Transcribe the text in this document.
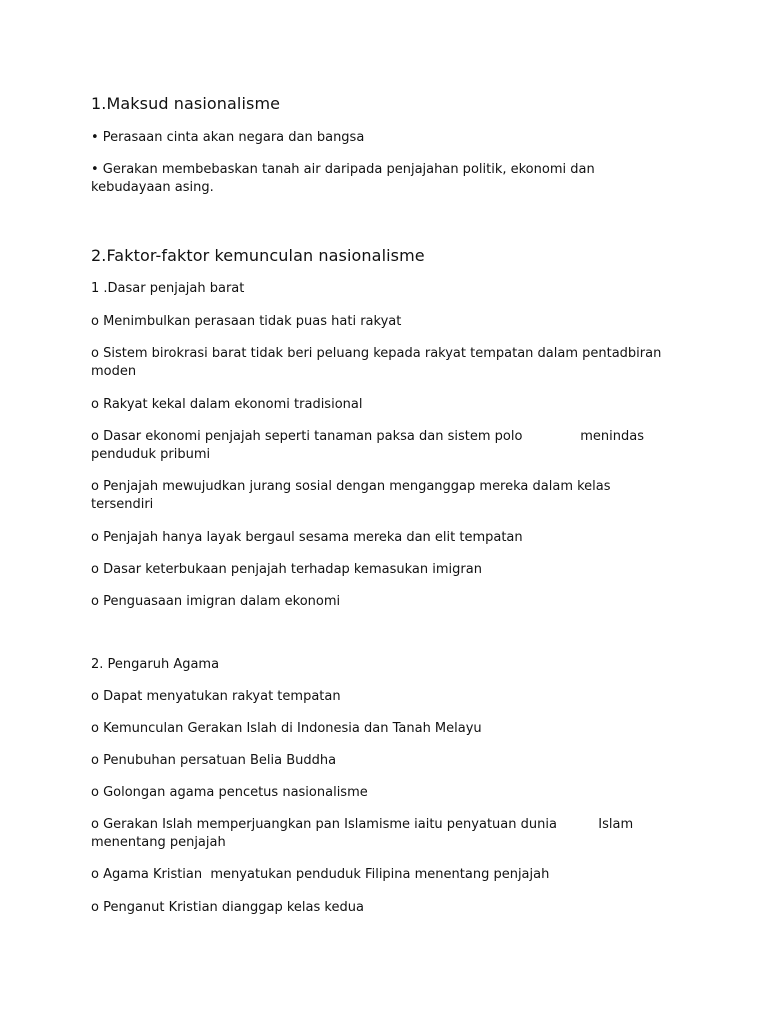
1.Maksud nasionalisme
• Perasaan cinta akan negara dan bangsa
• Gerakan membebaskan tanah air daripada penjajahan politik, ekonomi dan
kebudayaan asing.
2.Faktor-faktor kemunculan nasionalisme
1 .Dasar penjajah barat
o Menimbulkan perasaan tidak puas hati rakyat
o Sistem birokrasi barat tidak beri peluang kepada rakyat tempatan dalam pentadbiran
moden
o Rakyat kekal dalam ekonomi tradisional
o Dasar ekonomi penjajah seperti tanaman paksa dan sistem polo              menindas
penduduk pribumi
o Penjajah mewujudkan jurang sosial dengan menganggap mereka dalam kelas
tersendiri
o Penjajah hanya layak bergaul sesama mereka dan elit tempatan
o Dasar keterbukaan penjajah terhadap kemasukan imigran
o Penguasaan imigran dalam ekonomi
2. Pengaruh Agama
o Dapat menyatukan rakyat tempatan
o Kemunculan Gerakan Islah di Indonesia dan Tanah Melayu
o Penubuhan persatuan Belia Buddha
o Golongan agama pencetus nasionalisme
o Gerakan Islah memperjuangkan pan Islamisme iaitu penyatuan dunia          Islam
menentang penjajah
o Agama Kristian  menyatukan penduduk Filipina menentang penjajah
o Penganut Kristian dianggap kelas kedua
